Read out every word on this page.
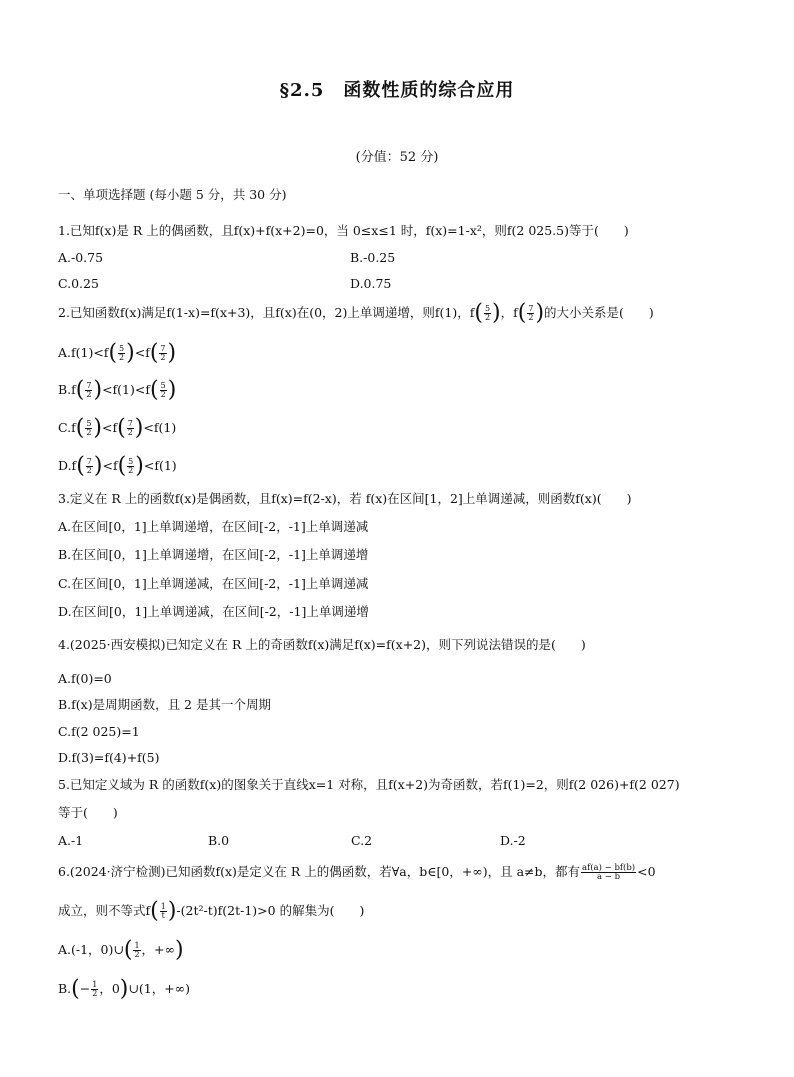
§2.5　函数性质的综合应用
(分值：52 分)
一、单项选择题 (每小题 5 分，共 30 分)
1.已知f(x)是 R 上的偶函数，且f(x)+f(x+2)=0，当 0≤x≤1 时，f(x)=1-x²，则f(2 025.5)等于(　　)
A.-0.75	B.-0.25
C.0.25	D.0.75
2.已知函数f(x)满足f(1-x)=f(x+3)，且f(x)在(0，2)上单调递增，则f(1)，$f( \frac{5}{2}$ )，$f( \frac{7}{2}$ )的大小关系是(　　)
$A.f(1)<f( \frac{5}{2} )<f( \frac{7}{2}$ )
$B.f( \frac{7}{2} )<f(1)<f( \frac{5}{2}$ )
$C.f( \frac{5}{2} )<f( \frac{7}{2} )<f(1)$
$D.f( \frac{7}{2} )<f( \frac{5}{2} )<f(1)$
3.定义在 R 上的函数f(x)是偶函数，且f(x)=f(2-x)，若 f(x)在区间[1，2]上单调递减，则函数f(x)(　　)
A.在区间[0，1]上单调递增，在区间[-2，-1]上单调递减
B.在区间[0，1]上单调递增，在区间[-2，-1]上单调递增
C.在区间[0，1]上单调递减，在区间[-2，-1]上单调递减
D.在区间[0，1]上单调递减，在区间[-2，-1]上单调递增
4.(2025·西安模拟)已知定义在 R 上的奇函数f(x)满足f(x)=f(x+2)，则下列说法错误的是(　　)
A.f(0)=0
B.f(x)是周期函数，且 2 是其一个周期
C.f(2 025)=1
D.f(3)=f(4)+f(5)
5.已知定义域为 R 的函数f(x)的图象关于直线x=1 对称，且f(x+2)为奇函数，若f(1)=2，则f(2 026)+f(2 027)
等于(　　)
A.-1	B.0	C.2	D.-2
6.(2024·济宁检测)已知函数f(x)是定义在 R 上的偶函数，若∀a，b∈[0，+∞)，且 a≠b，都有 $\frac{af(a) - bf(b)}{a - b} <0$
成立，则不等式$f( \frac{1}{t} )-(2t^2-t)f(2t-1)>0$ 的解集为(　　)
A.(-1，0)∪( $\frac{1}{2}$ ，+∞)
$B.(- \frac{1}{2}$ ，0)∪(1，+∞)
